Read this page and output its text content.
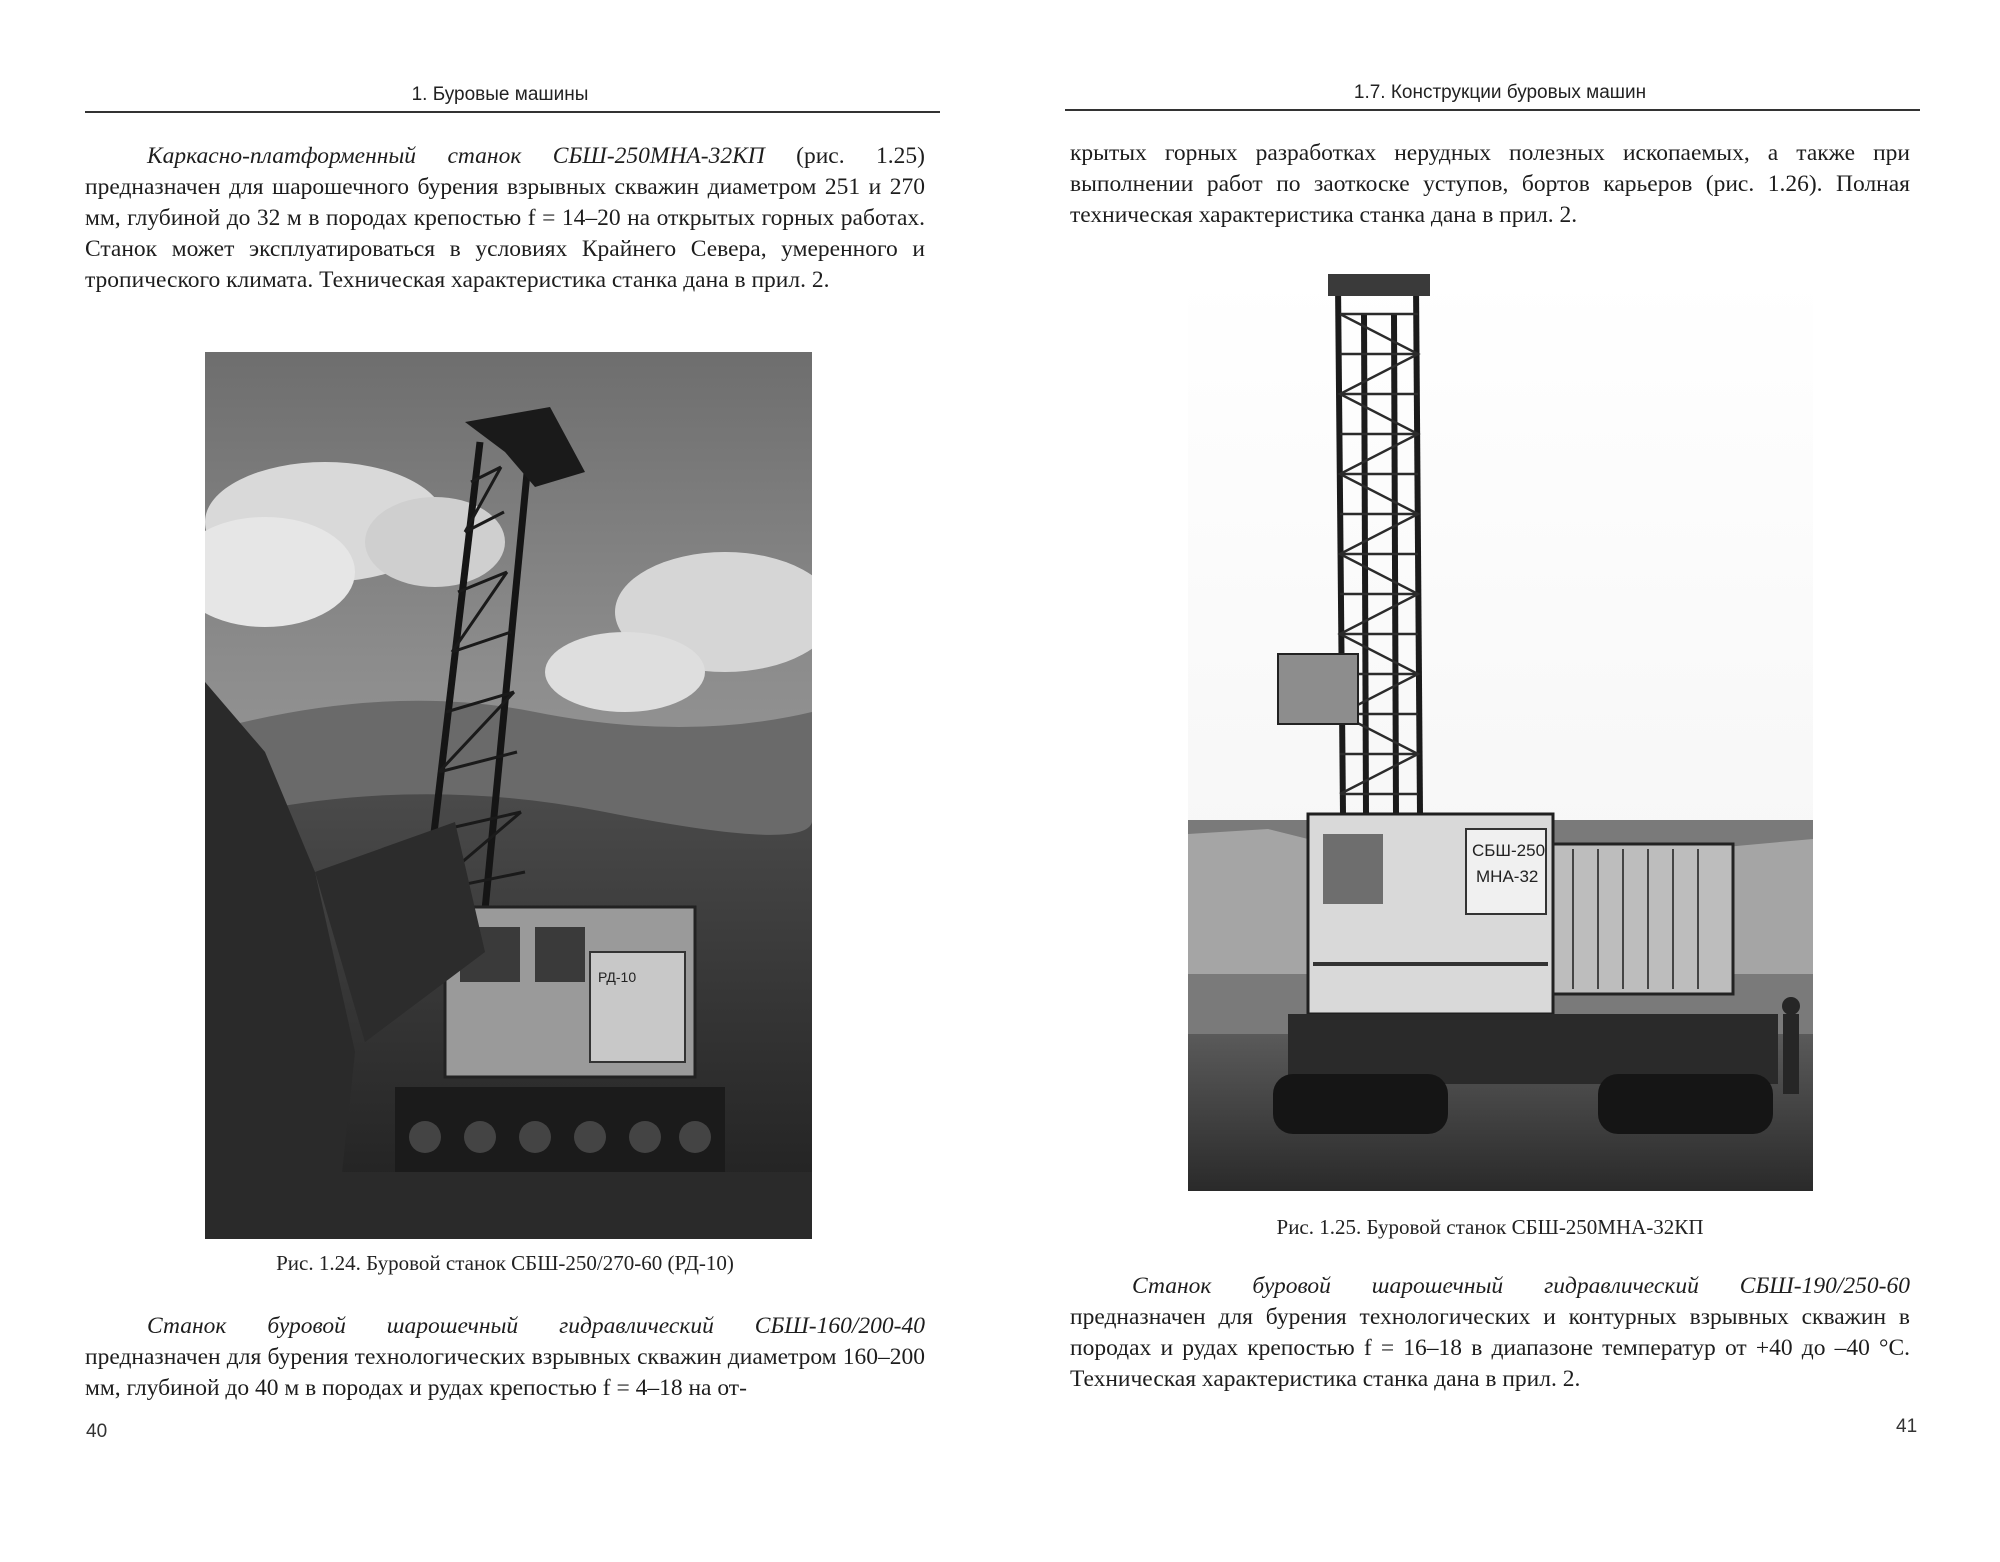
1. Буровые машины

Каркасно-платформенный станок СБШ-250МНА-32КП (рис. 1.25) предназначен для шарошечного бурения взрывных скважин диаметром 251 и 270 мм, глубиной до 32 м в породах крепостью f = 14–20 на открытых горных работах. Станок может эксплуатироваться в условиях Крайнего Севера, умеренного и тропического климата. Техническая характеристика станка дана в прил. 2.

РД-10
Рис. 1.24. Буровой станок СБШ-250/270-60 (РД-10)

Станок буровой шарошечный гидравлический СБШ-160/200-40 предназначен для бурения технологических взрывных скважин диаметром 160–200 мм, глубиной до 40 м в породах и рудах крепостью f = 4–18 на от-

40
1.7. Конструкции буровых машин

крытых горных разработках нерудных полезных ископаемых, а также при выполнении работ по заоткоске уступов, бортов карьеров (рис. 1.26). Полная техническая характеристика станка дана в прил. 2.

СБШ-250
МНА-32
Рис. 1.25. Буровой станок СБШ-250МНА-32КП

Станок буровой шарошечный гидравлический СБШ-190/250-60 предназначен для бурения технологических и контурных взрывных скважин в породах и рудах крепостью f = 16–18 в диапазоне температур от +40 до –40 °С. Техническая характеристика станка дана в прил. 2.

41
